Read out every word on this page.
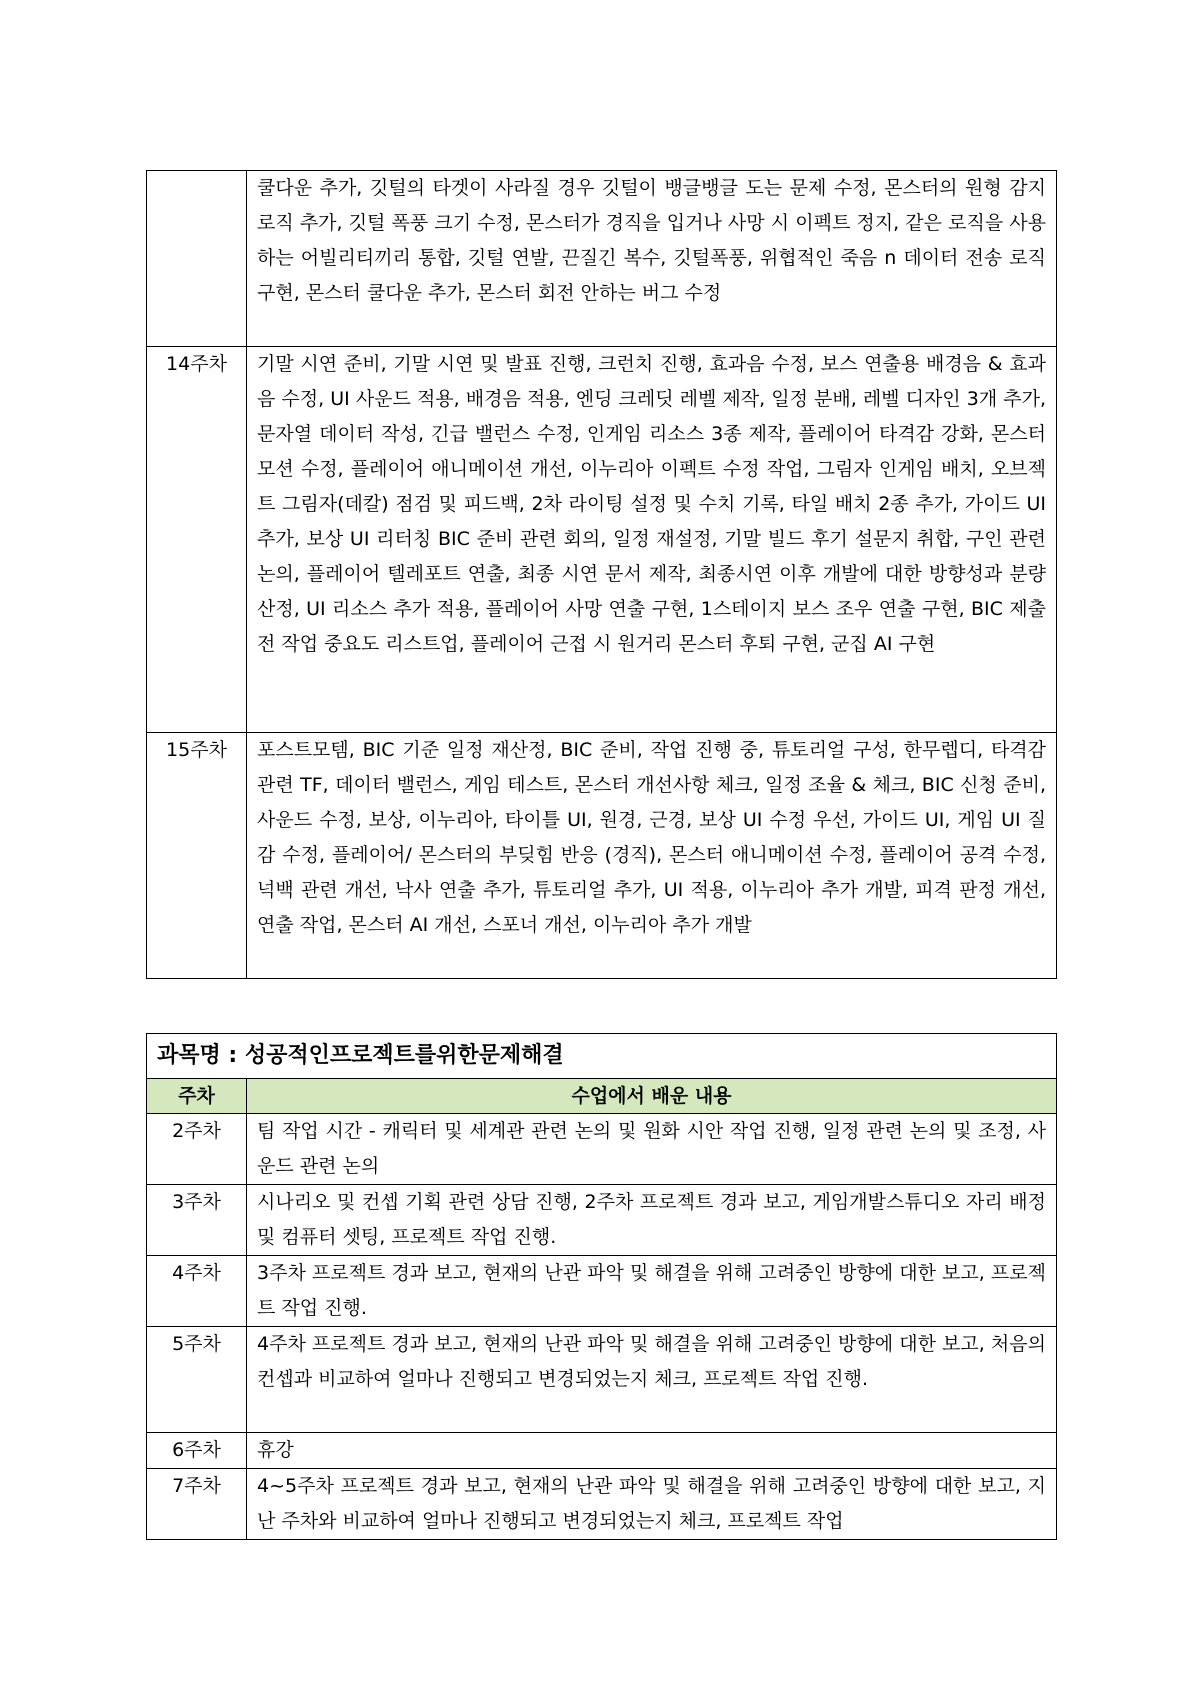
	쿨다운 추가, 깃털의 타겟이 사라질 경우 깃털이 뱅글뱅글 도는 문제 수정, 몬스터의 원형 감지 로직 추가, 깃털 폭풍 크기 수정, 몬스터가 경직을 입거나 사망 시 이펙트 정지, 같은 로직을 사용하는 어빌리티끼리 통합, 깃털 연발, 끈질긴 복수, 깃털폭풍, 위협적인 죽음 n 데이터 전송 로직 구현, 몬스터 쿨다운 추가, 몬스터 회전 안하는 버그 수정
14주차	기말 시연 준비, 기말 시연 및 발표 진행, 크런치 진행, 효과음 수정, 보스 연출용 배경음 & 효과음 수정, UI 사운드 적용, 배경음 적용, 엔딩 크레딧 레벨 제작, 일정 분배, 레벨 디자인 3개 추가, 문자열 데이터 작성, 긴급 밸런스 수정, 인게임 리소스 3종 제작, 플레이어 타격감 강화, 몬스터 모션 수정, 플레이어 애니메이션 개선, 이누리아 이펙트 수정 작업, 그림자 인게임 배치, 오브젝트 그림자(데칼) 점검 및 피드백, 2차 라이팅 설정 및 수치 기록, 타일 배치 2종 추가, 가이드 UI 추가, 보상 UI 리터칭 BIC 준비 관련 회의, 일정 재설정, 기말 빌드 후기 설문지 취합, 구인 관련 논의, 플레이어 텔레포트 연출, 최종 시연 문서 제작, 최종시연 이후 개발에 대한 방향성과 분량 산정, UI 리소스 추가 적용, 플레이어 사망 연출 구현, 1스테이지 보스 조우 연출 구현, BIC 제출 전 작업 중요도 리스트업, 플레이어 근접 시 원거리 몬스터 후퇴 구현, 군집 AI 구현
15주차	포스트모템, BIC 기준 일정 재산정, BIC 준비, 작업 진행 중, 튜토리얼 구성, 한무렙디, 타격감 관련 TF, 데이터 밸런스, 게임 테스트, 몬스터 개선사항 체크, 일정 조율 & 체크, BIC 신청 준비, 사운드 수정, 보상, 이누리아, 타이틀 UI, 원경, 근경, 보상 UI 수정 우선, 가이드 UI, 게임 UI 질감 수정, 플레이어/ 몬스터의 부딪힘 반응 (경직), 몬스터 애니메이션 수정, 플레이어 공격 수정, 넉백 관련 개선, 낙사 연출 추가, 튜토리얼 추가, UI 적용, 이누리아 추가 개발, 피격 판정 개선, 연출 작업, 몬스터 AI 개선, 스포너 개선, 이누리아 추가 개발
과목명 : 성공적인프로젝트를위한문제해결	
주차	수업에서 배운 내용
2주차	팀 작업 시간 - 캐릭터 및 세계관 관련 논의 및 원화 시안 작업 진행, 일정 관련 논의 및 조정, 사운드 관련 논의
3주차	시나리오 및 컨셉 기획 관련 상담 진행, 2주차 프로젝트 경과 보고, 게임개발스튜디오 자리 배정 및 컴퓨터 셋팅, 프로젝트 작업 진행.
4주차	3주차 프로젝트 경과 보고, 현재의 난관 파악 및 해결을 위해 고려중인 방향에 대한 보고, 프로젝트 작업 진행.
5주차	4주차 프로젝트 경과 보고, 현재의 난관 파악 및 해결을 위해 고려중인 방향에 대한 보고, 처음의 컨셉과 비교하여 얼마나 진행되고 변경되었는지 체크, 프로젝트 작업 진행.
6주차	휴강
7주차	4~5주차 프로젝트 경과 보고, 현재의 난관 파악 및 해결을 위해 고려중인 방향에 대한 보고, 지난 주차와 비교하여 얼마나 진행되고 변경되었는지 체크, 프로젝트 작업
